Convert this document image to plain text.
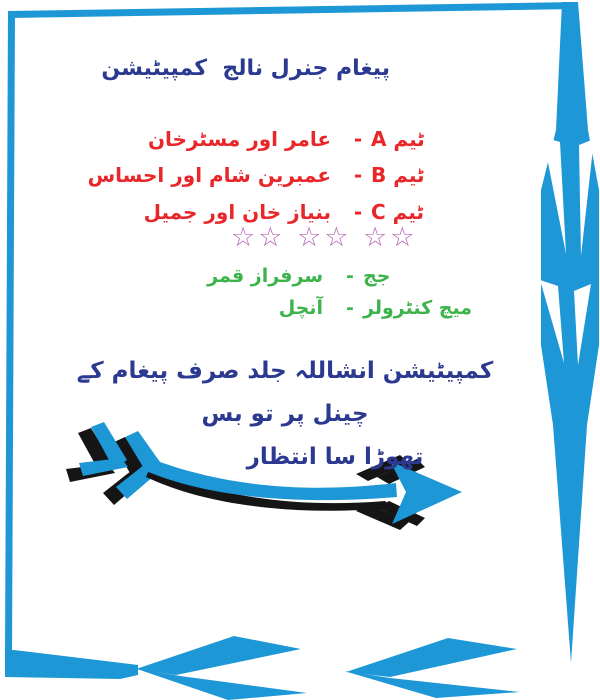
پیغام جنرل نالج  کمپیٹیشن
ٹیم A
-
عامر اور مسٹرخان
ٹیم B
-
عمبرین شام اور احساس
ٹیم C
-
بنیاز خان اور جمیل
☆☆ ☆☆ ☆☆
جج
-
سرفراز قمر
میچ کنٹرولر
-
آنچل
کمپیٹیشن انشاللہ جلد صرف پیغام کے چینل پر تو بس
تھوڑا سا انتظار
